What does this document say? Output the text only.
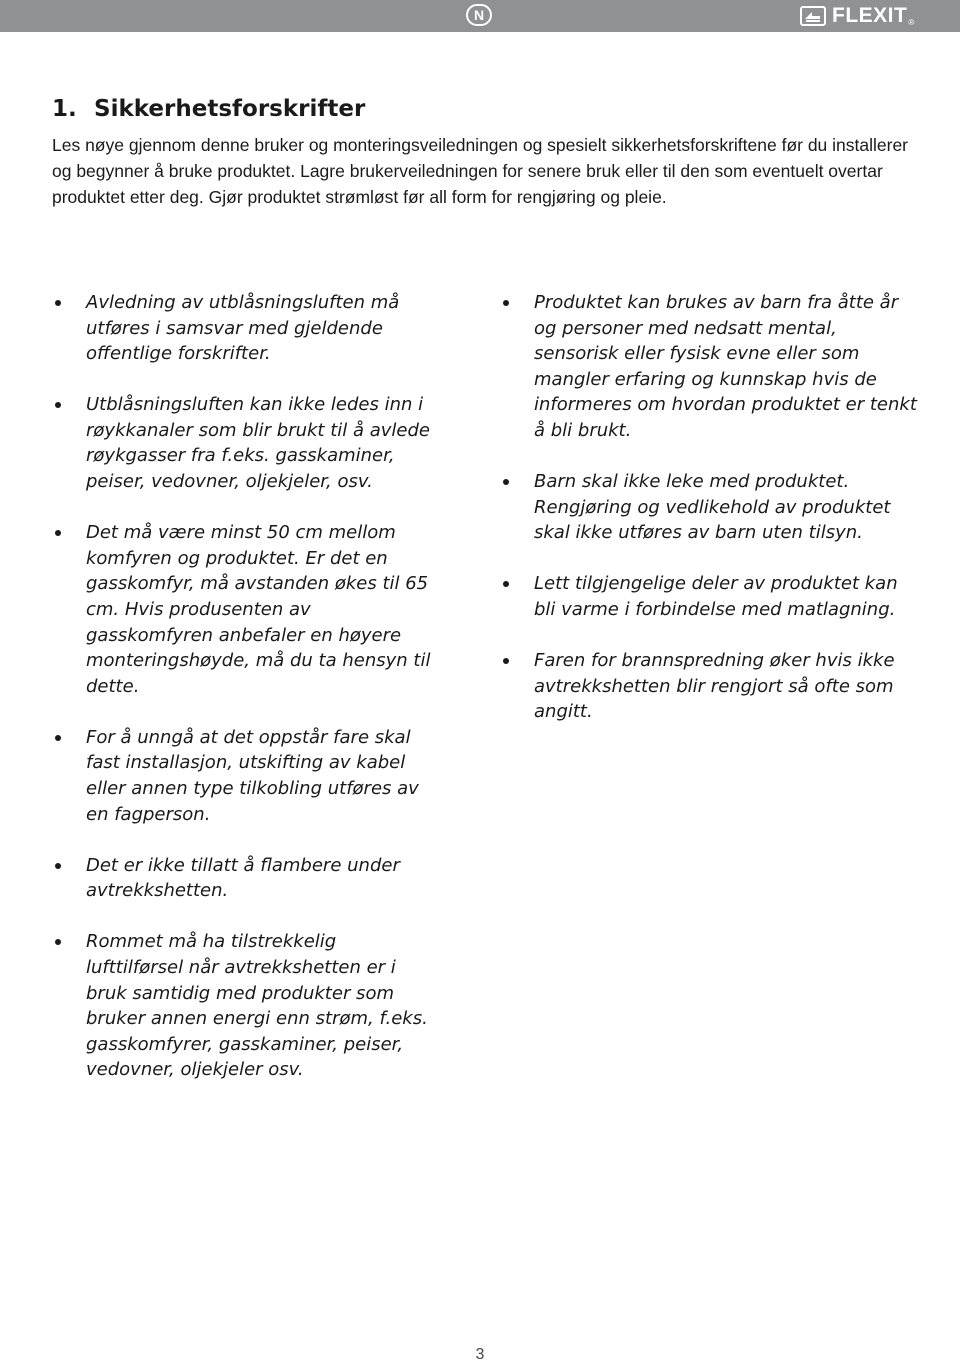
N	FLEXIT ®
1. Sikkerhetsforskrifter

Les nøye gjennom denne bruker og monteringsveiledningen og spesielt sikkerhetsforskriftene før du installerer og begynner å bruke produktet. Lagre brukerveiledningen for senere bruk eller til den som eventuelt overtar produktet etter deg. Gjør produktet strømløst før all form for rengjøring og pleie.

Avledning av utblåsningsluften må utføres i samsvar med gjeldende offentlige forskrifter.
Utblåsningsluften kan ikke ledes inn i røykkanaler som blir brukt til å avlede røykgasser fra f.eks. gasskaminer, peiser, vedovner, oljekjeler, osv.
Det må være minst 50 cm mellom komfyren og produktet. Er det en gasskomfyr, må avstanden økes til 65 cm. Hvis produsenten av gasskomfyren anbefaler en høyere monteringshøyde, må du ta hensyn til dette.
For å unngå at det oppstår fare skal fast installasjon, utskifting av kabel eller annen type tilkobling utføres av en fagperson.
Det er ikke tillatt å flambere under avtrekkshetten.
Rommet må ha tilstrekkelig lufttilførsel når avtrekkshetten er i bruk samtidig med produkter som bruker annen energi enn strøm, f.eks. gasskomfyrer, gasskaminer, peiser, vedovner, oljekjeler osv.
Produktet kan brukes av barn fra åtte år og personer med nedsatt mental, sensorisk eller fysisk evne eller som mangler erfaring og kunnskap hvis de informeres om hvordan produktet er tenkt å bli brukt.
Barn skal ikke leke med produktet. Rengjøring og vedlikehold av produktet skal ikke utføres av barn uten tilsyn.
Lett tilgjengelige deler av produktet kan bli varme i forbindelse med matlagning.
Faren for brannspredning øker hvis ikke avtrekkshetten blir rengjort så ofte som angitt.
3
